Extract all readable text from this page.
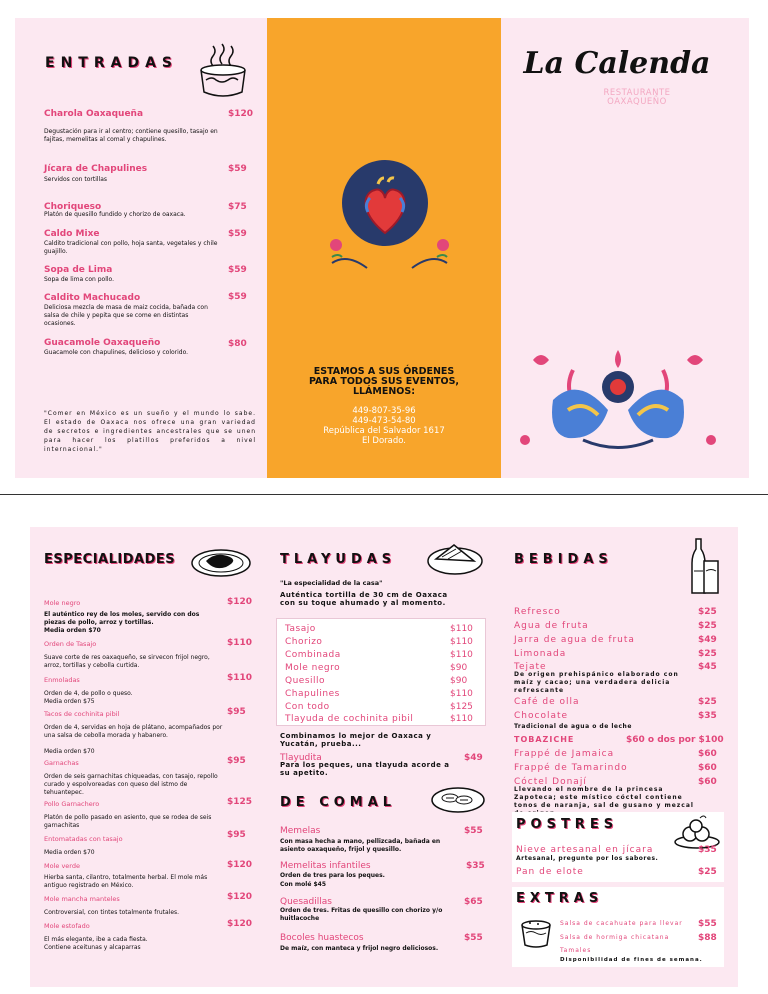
ENTRADAS
Charola Oaxaqueña	$120
Degustación para ir al centro; contiene quesillo, tasajo en fajitas, memelitas al comal y chapulines.
Jícara de Chapulines	$59
Servidos con tortillas
Choriqueso	$75
Platón de quesillo fundido y chorizo de oaxaca.
Caldo Mixe	$59
Caldito tradicional con pollo, hoja santa, vegetales y chile guajillo.
Sopa de Lima	$59
Sopa de lima con pollo.
Caldito Machucado	$59
Deliciosa mezcla de masa de maiz cocida, bañada con salsa de chile y pepita que se come en distintas ocasiones.
Guacamole Oaxaqueño	$80
Guacamole con chapulines, delicioso y colorido.
"Comer en México es un sueño y el mundo lo sabe. El estado de Oaxaca nos ofrece una gran variedad de secretos e ingredientes ancestrales que se unen para hacer los platillos preferidos a nivel internacional."
ESTAMOS A SUS ÓRDENES
PARA TODOS SUS EVENTOS,
LLÁMENOS:
449-807-35-96
449-473-54-80
República del Salvador 1617
El Dorado.
La Calenda
RESTAURANTE
OAXAQUEÑO
ESPECIALIDADES
Mole negro	$120
El auténtico rey de los moles, servido con dos piezas de pollo, arroz y tortillas.
Media orden $70
Orden de Tasajo	$110
Suave corte de res oaxaqueño, se sirvecon frijol negro, arroz, tortillas y cebolla curtida.
Enmoladas	$110
Orden de 4, de pollo o queso.
Media orden $75
Tacos de cochinita pibil	$95
Orden de 4, servidas en hoja de plátano, acompañados por una salsa de cebolla morada y habanero.
Media orden $70
Garnachas	$95
Orden de seis garnachitas chiqueadas, con tasajo, repollo curado y espolvoreadas con queso del istmo de tehuantepec.
Pollo Garnachero	$125
Platón de pollo pasado en asiento, que se rodea de seis garnachitas
Entomatadas con tasajo	$95
Media orden $70
Mole verde	$120
Hierba santa, cilantro, totalmente herbal. El mole más antiguo registrado en México.
Mole mancha manteles	$120
Controversial, con tintes totalmente frutales.
Mole estofado	$120
El más elegante, ibe a cada fiesta.
Contiene aceitunas y alcaparras
TLAYUDAS
"La especialidad de la casa"
Auténtica tortilla de 30 cm de Oaxaca con su toque ahumado y al momento.
Tasajo	$110
Chorizo	$110
Combinada	$110
Mole negro	$90
Quesillo	$90
Chapulines	$110
Con todo	$125
Tlayuda de cochinita pibil	$110
Combinamos lo mejor de Oaxaca y Yucatán, prueba...
Tlayudita	$49
Para los peques, una tlayuda acorde a su apetito.
DE COMAL
Memelas	$55
Con masa hecha a mano, pellizcada, bañada en asiento oaxaqueño, frijol y quesillo.
Memelitas infantiles	$35
Orden de tres para los peques.
Con molé $45
Quesadillas	$65
Orden de tres. Fritas de quesillo con chorizo y/o huitlacoche
Bocoles huastecos	$55
De maíz, con manteca y frijol negro deliciosos.
BEBIDAS
Refresco	$25
Agua de fruta	$25
Jarra de agua de fruta	$49
Limonada	$25
Tejate	$45
De origen prehispánico elaborado con maíz y cacao; una verdadera delicia refrescante
Café de olla	$25
Chocolate	$35
Tradicional de agua o de leche
TOBAZICHE	$60 o dos por $100
Frappé de Jamaica	$60
Frappé de Tamarindo	$60
Cóctel Donají	$60
Llevando el nombre de la princesa Zapoteca; este místico cóctel contiene tonos de naranja, sal de gusano y mezcal
POSTRES
Nieve artesanal en jícara	$35
Artesanal, pregunte por los sabores.
Pan de elote	$25
EXTRAS
Salsa de cacahuate para llevar $55
Salsa de hormiga chicatana	$88
Tamales
Disponibilidad de fines de semana.
